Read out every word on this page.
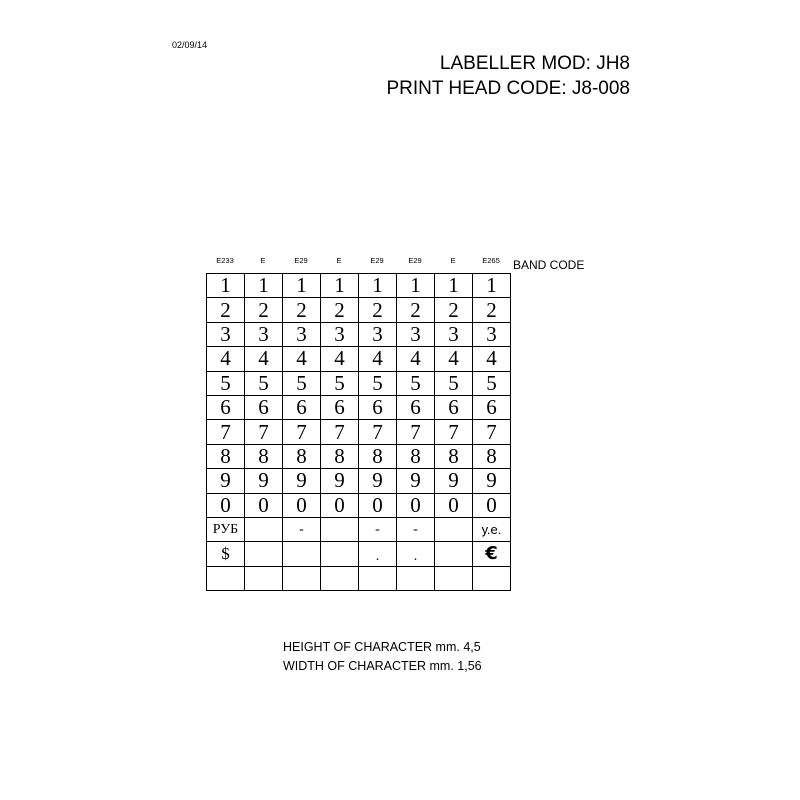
02/09/14
LABELLER MOD: JH8
PRINT HEAD CODE: J8-008
E233	E	E29	E	E29	E29	E	E265	BAND CODE
1	1	1	1	1	1	1	1
2	2	2	2	2	2	2	2
3	3	3	3	3	3	3	3
4	4	4	4	4	4	4	4
5	5	5	5	5	5	5	5
6	6	6	6	6	6	6	6
7	7	7	7	7	7	7	7
8	8	8	8	8	8	8	8
9	9	9	9	9	9	9	9
0	0	0	0	0	0	0	0
РУБ		-		-	-		у.е.
$				.	.		€

HEIGHT OF CHARACTER mm. 4,5
WIDTH OF CHARACTER mm. 1,56
